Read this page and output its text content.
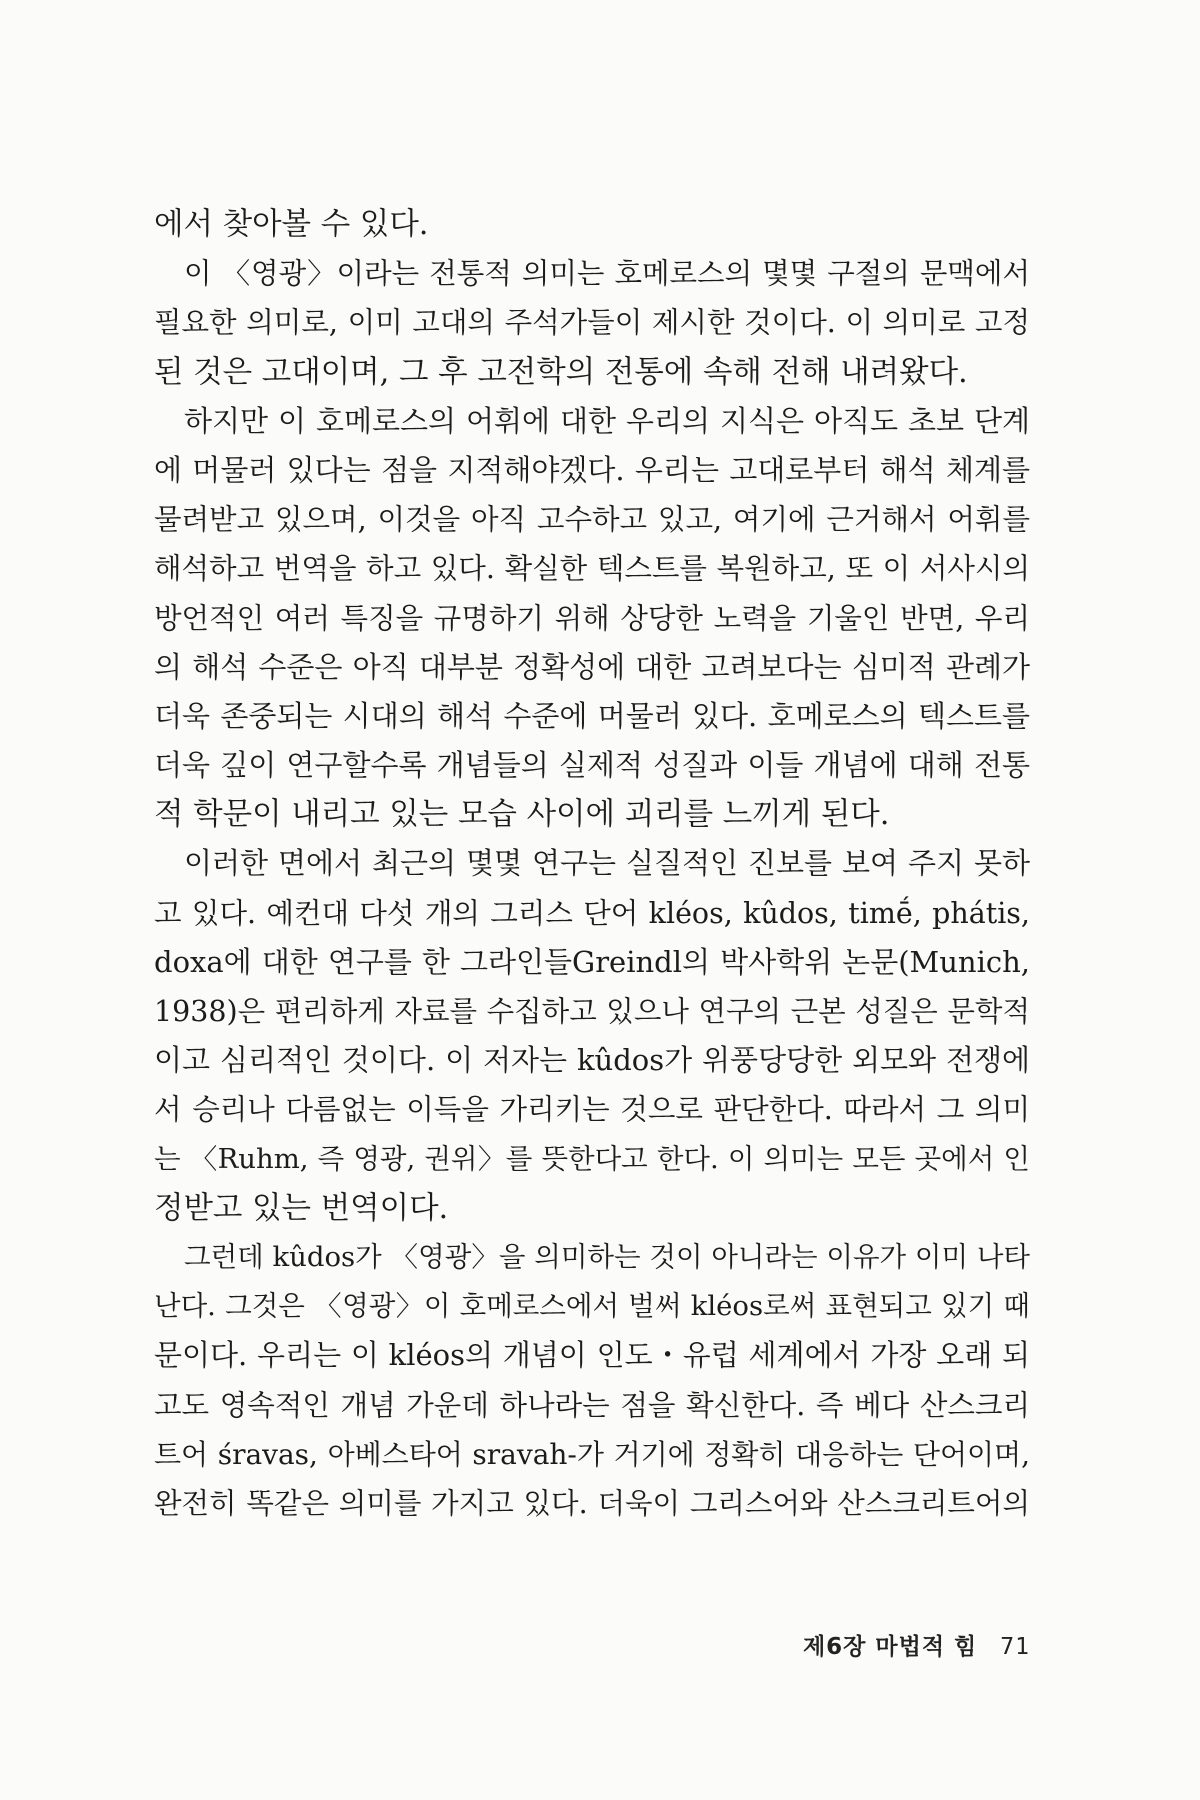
에서 찾아볼 수 있다.
이 〈영광〉이라는 전통적 의미는 호메로스의 몇몇 구절의 문맥에서
필요한 의미로, 이미 고대의 주석가들이 제시한 것이다. 이 의미로 고정
된 것은 고대이며, 그 후 고전학의 전통에 속해 전해 내려왔다.
하지만 이 호메로스의 어휘에 대한 우리의 지식은 아직도 초보 단계
에 머물러 있다는 점을 지적해야겠다. 우리는 고대로부터 해석 체계를
물려받고 있으며, 이것을 아직 고수하고 있고, 여기에 근거해서 어휘를
해석하고 번역을 하고 있다. 확실한 텍스트를 복원하고, 또 이 서사시의
방언적인 여러 특징을 규명하기 위해 상당한 노력을 기울인 반면, 우리
의 해석 수준은 아직 대부분 정확성에 대한 고려보다는 심미적 관례가
더욱 존중되는 시대의 해석 수준에 머물러 있다. 호메로스의 텍스트를
더욱 깊이 연구할수록 개념들의 실제적 성질과 이들 개념에 대해 전통
적 학문이 내리고 있는 모습 사이에 괴리를 느끼게 된다.
이러한 면에서 최근의 몇몇 연구는 실질적인 진보를 보여 주지 못하
고 있다. 예컨대 다섯 개의 그리스 단어 kléos, kûdos, timḗ, phátis,
doxa에 대한 연구를 한 그라인들Greindl의 박사학위 논문(Munich,
1938)은 편리하게 자료를 수집하고 있으나 연구의 근본 성질은 문학적
이고 심리적인 것이다. 이 저자는 kûdos가 위풍당당한 외모와 전쟁에
서 승리나 다름없는 이득을 가리키는 것으로 판단한다. 따라서 그 의미
는 〈Ruhm, 즉 영광, 권위〉를 뜻한다고 한다. 이 의미는 모든 곳에서 인
정받고 있는 번역이다.
그런데 kûdos가 〈영광〉을 의미하는 것이 아니라는 이유가 이미 나타
난다. 그것은 〈영광〉이 호메로스에서 벌써 kléos로써 표현되고 있기 때
문이다. 우리는 이 kléos의 개념이 인도・유럽 세계에서 가장 오래 되
고도 영속적인 개념 가운데 하나라는 점을 확신한다. 즉 베다 산스크리
트어 śravas, 아베스타어 sravah-가 거기에 정확히 대응하는 단어이며,
완전히 똑같은 의미를 가지고 있다. 더욱이 그리스어와 산스크리트어의
제6장 마법적 힘 71
